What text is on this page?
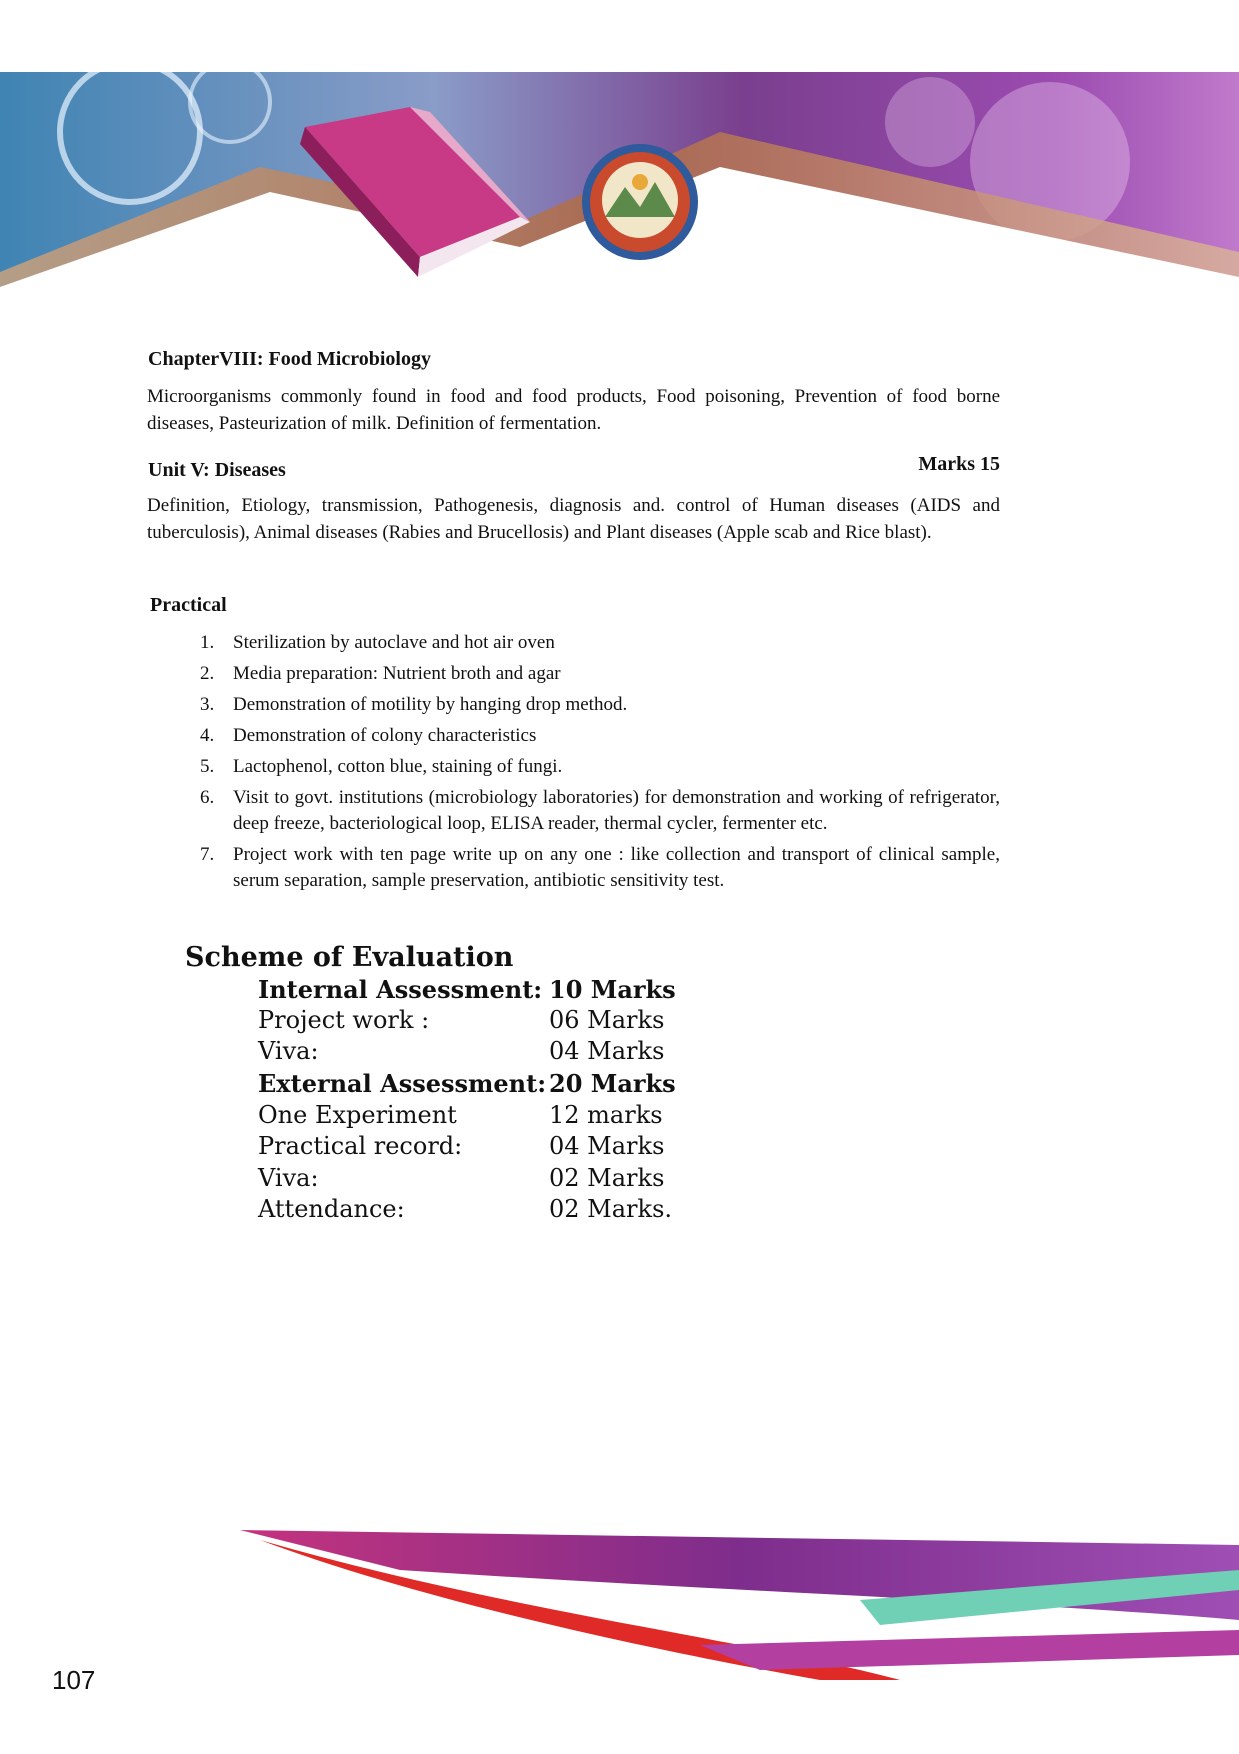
ChapterVIII: Food Microbiology

Microorganisms commonly found in food and food products, Food poisoning, Prevention of food borne diseases, Pasteurization of milk. Definition of fermentation.

Unit V: Diseases	Marks 15

Definition, Etiology, transmission, Pathogenesis, diagnosis and. control of Human diseases (AIDS and tuberculosis), Animal diseases (Rabies and Brucellosis) and Plant diseases (Apple scab and Rice blast).

Practical
1. Sterilization by autoclave and hot air oven
2. Media preparation: Nutrient broth and agar
3. Demonstration of motility by hanging drop method.
4. Demonstration of colony characteristics
5. Lactophenol, cotton blue, staining of fungi.
6. Visit to govt. institutions (microbiology laboratories) for demonstration and working of refrigerator, deep freeze, bacteriological loop, ELISA reader, thermal cycler, fermenter etc.
7. Project work with ten page write up on any one : like collection and transport of clinical sample, serum separation, sample preservation, antibiotic sensitivity test.
Scheme of Evaluation
Internal Assessment: 10 Marks
Project work :	06 Marks
Viva:	04 Marks
External Assessment: 20 Marks
One Experiment	12 marks
Practical record:	04 Marks
Viva:	02 Marks
Attendance:	02 Marks.
107
